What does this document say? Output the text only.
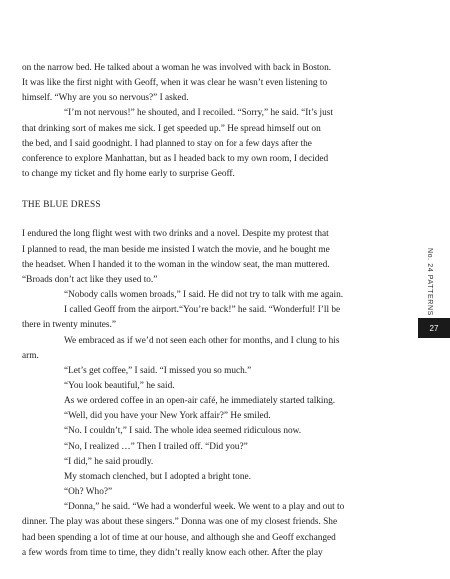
on the narrow bed. He talked about a woman he was involved with back in Boston.

It was like the first night with Geoff, when it was clear he wasn’t even listening to

himself. “Why are you so nervous?” I asked.

“I’m not nervous!” he shouted, and I recoiled. “Sorry,” he said. “It’s just

that drinking sort of makes me sick. I get speeded up.” He spread himself out on

the bed, and I said goodnight. I had planned to stay on for a few days after the

conference to explore Manhattan, but as I headed back to my own room, I decided

to change my ticket and fly home early to surprise Geoff.

THE BLUE DRESS

I endured the long flight west with two drinks and a novel. Despite my protest that

I planned to read, the man beside me insisted I watch the movie, and he bought me

the headset. When I handed it to the woman in the window seat, the man muttered.

“Broads don’t act like they used to.”

“Nobody calls women broads,” I said. He did not try to talk with me again.

I called Geoff from the airport.“You’re back!” he said. “Wonderful! I’ll be

there in twenty minutes.”

We embraced as if we’d not seen each other for months, and I clung to his

arm.

“Let’s get coffee,” I said. “I missed you so much.”

“You look beautiful,” he said.

As we ordered coffee in an open-air café, he immediately started talking.

“Well, did you have your New York affair?” He smiled.

“No. I couldn’t,” I said. The whole idea seemed ridiculous now.

“No, I realized …” Then I trailed off. “Did you?”

“I did,” he said proudly.

My stomach clenched, but I adopted a bright tone.

“Oh? Who?”

“Donna,” he said. “We had a wonderful week. We went to a play and out to

dinner. The play was about these singers.” Donna was one of my closest friends. She

had been spending a lot of time at our house, and although she and Geoff exchanged

a few words from time to time, they didn’t really know each other. After the play

No. 24 PATTERNS
27
